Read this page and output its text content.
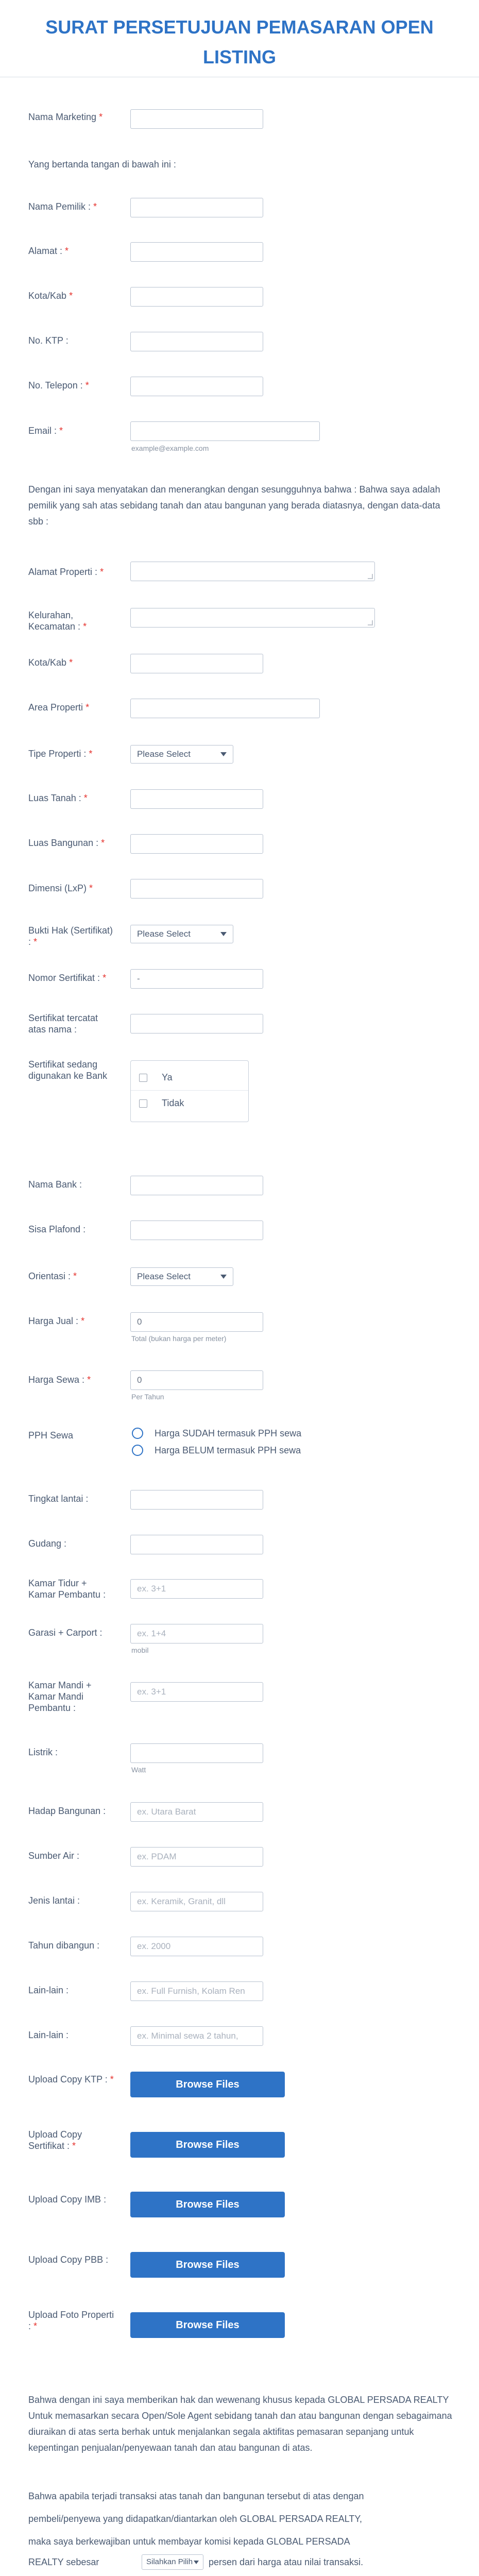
SURAT PERSETUJUAN PEMASARAN OPEN LISTING
Nama Marketing *
Yang bertanda tangan di bawah ini :
Nama Pemilik : *
Alamat : *
Kota/Kab *
No. KTP :
No. Telepon : *
Email : *
example@example.com
Dengan ini saya menyatakan dan menerangkan dengan sesungguhnya bahwa : Bahwa saya adalah pemilik yang sah atas sebidang tanah dan atau bangunan yang berada diatasnya, dengan data-data sbb :
Alamat Properti : *
Kelurahan, Kecamatan : *
Kota/Kab *
Area Properti *
Tipe Properti : *	Please Select
Luas Tanah : *
Luas Bangunan : *
Dimensi (LxP) *
Bukti Hak (Sertifikat) : *
Please Select
Nomor Sertifikat : *	-
Sertifikat tercatat atas nama :
Sertifikat sedang digunakan ke Bank	Ya
Tidak
Nama Bank :
Sisa Plafond :
Orientasi : *	Please Select
Harga Jual : *	0
Total (bukan harga per meter)
Harga Sewa : *	0
Per Tahun
PPH Sewa	Harga SUDAH termasuk PPH sewa
Harga BELUM termasuk PPH sewa
Tingkat lantai :
Gudang :
Kamar Tidur + Kamar Pembantu :
ex. 3+1
Garasi + Carport :	ex. 1+4
mobil
Kamar Mandi + Kamar Mandi Pembantu :
ex. 3+1
Listrik :
Watt
Hadap Bangunan :	ex. Utara Barat
Sumber Air :	ex. PDAM
Jenis lantai :	ex. Keramik, Granit, dll
Tahun dibangun :	ex. 2000
Lain-lain :	ex. Full Furnish, Kolam Ren
Lain-lain :	ex. Minimal sewa 2 tahun,
Upload Copy KTP : *	Browse Files
Upload Copy Sertifikat : *	Browse Files
Upload Copy IMB :	Browse Files
Upload Copy PBB :	Browse Files
Upload Foto Properti : *	Browse Files
Bahwa dengan ini saya memberikan hak dan wewenang khusus kepada GLOBAL PERSADA REALTY Untuk memasarkan secara Open/Sole Agent sebidang tanah dan atau bangunan dengan sebagaimana diuraikan di atas serta berhak untuk menjalankan segala aktifitas pemasaran sepanjang untuk kepentingan penjualan/penyewaan tanah dan atau bangunan di atas.
Bahwa apabila terjadi transaksi atas tanah dan bangunan tersebut di atas dengan
pembeli/penyewa yang didapatkan/diantarkan oleh GLOBAL PERSADA REALTY,
maka saya berkewajiban untuk membayar komisi kepada GLOBAL PERSADA
REALTY sebesar	Silahkan Pilih	persen dari harga atau nilai transaksi.
